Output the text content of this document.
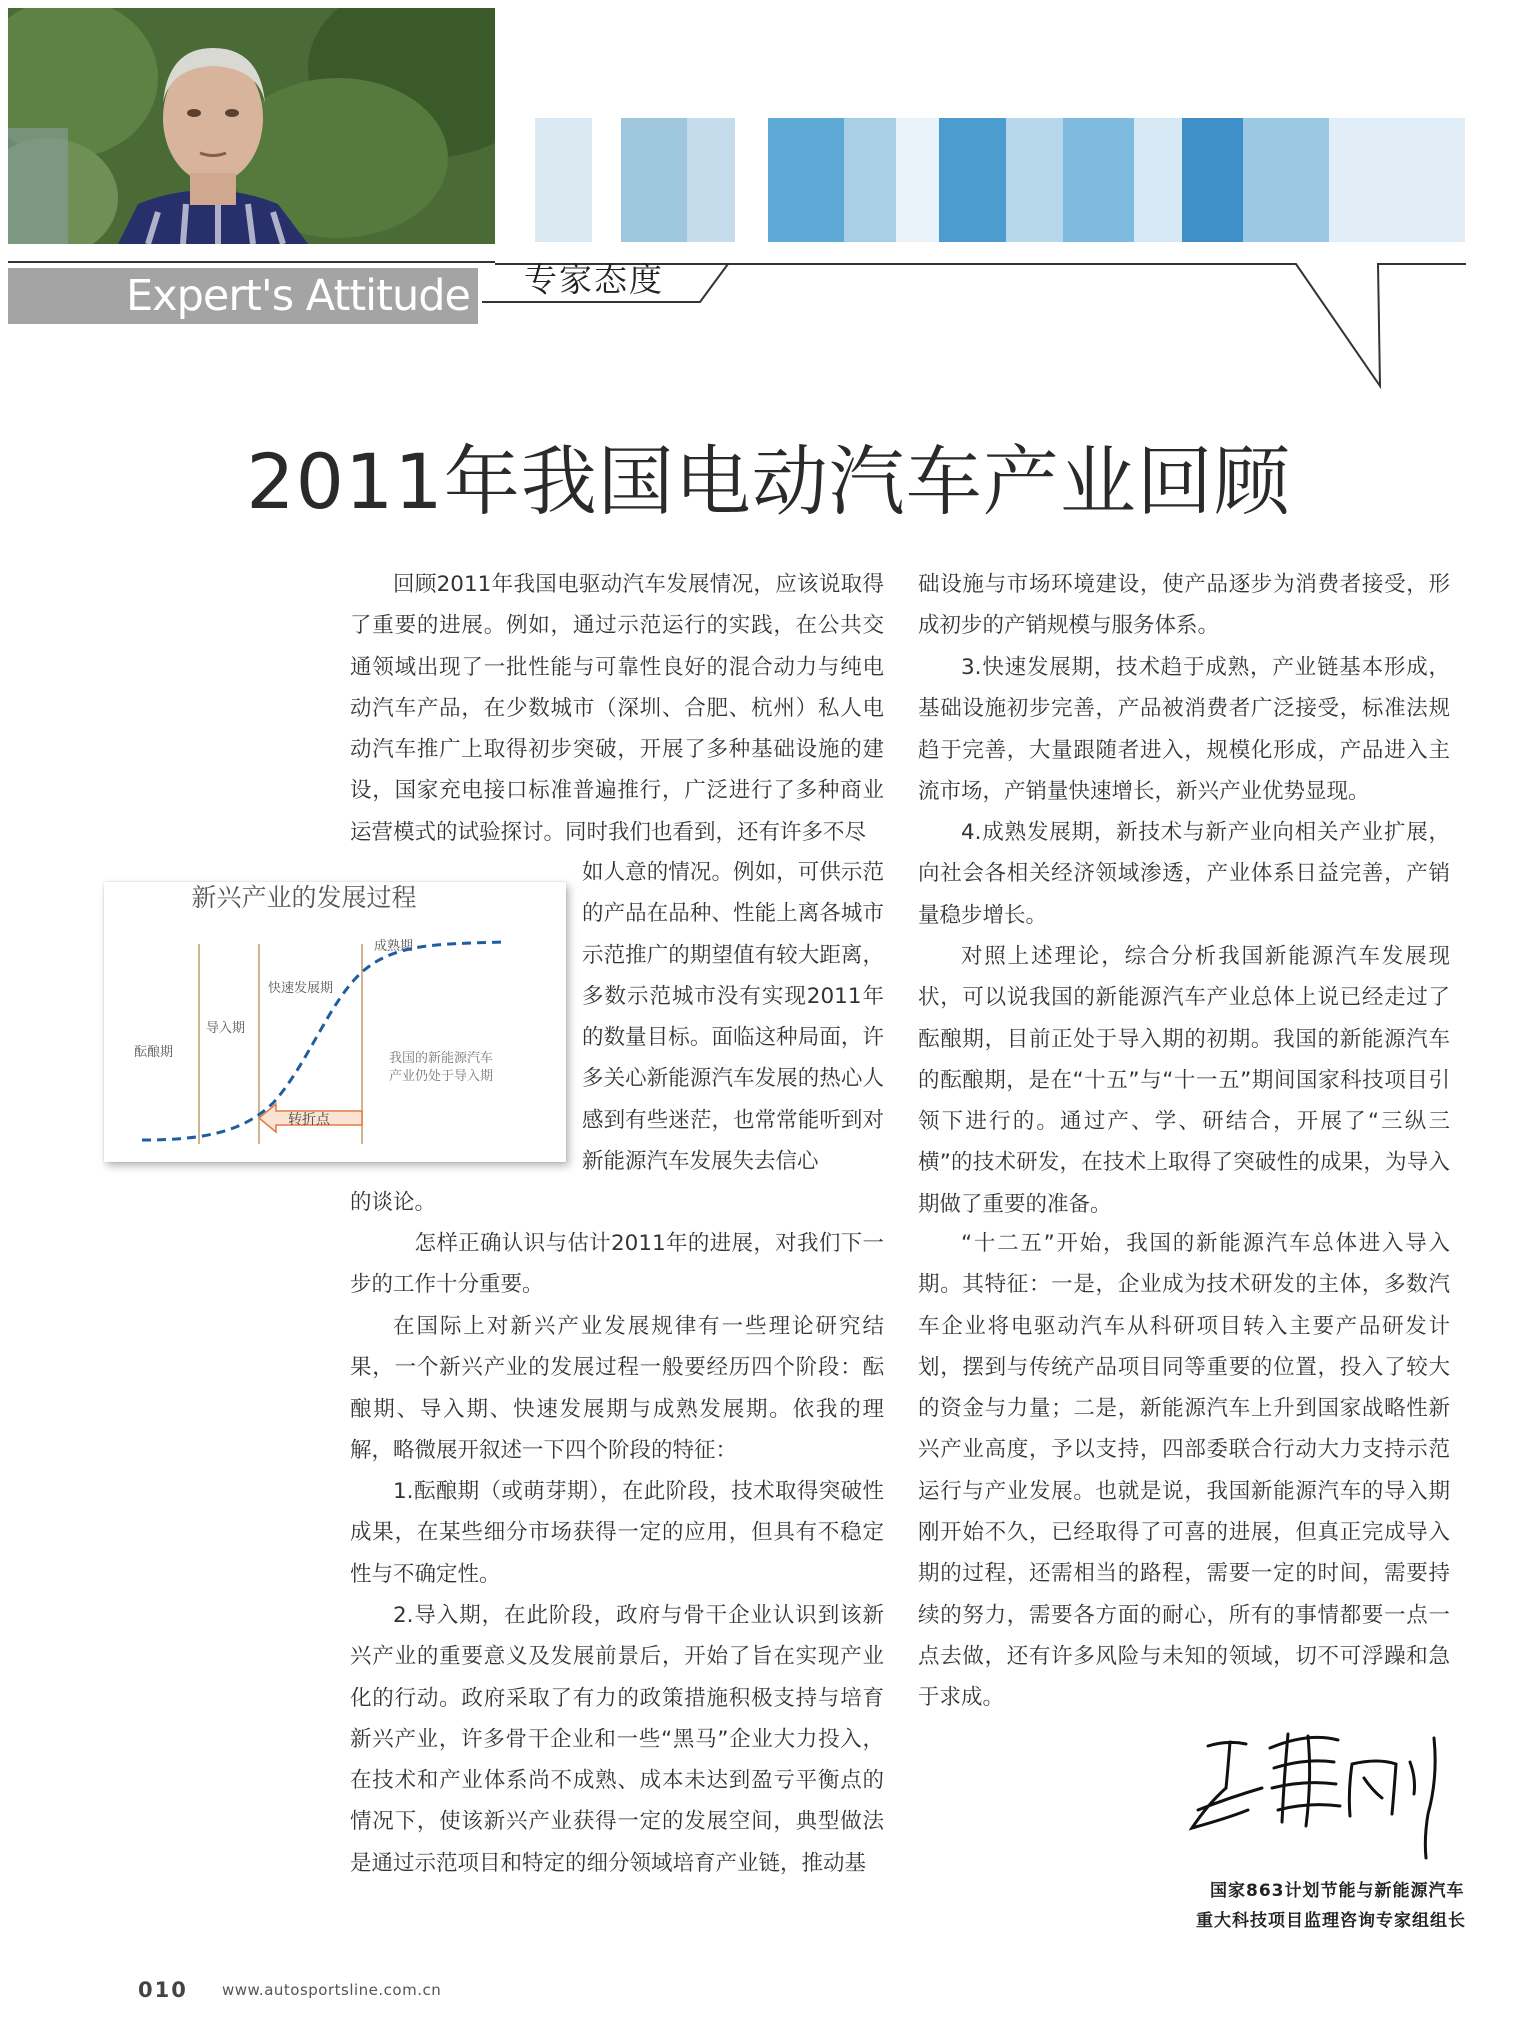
Expert's Attitude 专家态度
2011年我国电动汽车产业回顾

回顾2011年我国电驱动汽车发展情况，应该说取得了重要的进展。例如，通过示范运行的实践，在公共交通领域出现了一批性能与可靠性良好的混合动力与纯电动汽车产品，在少数城市（深圳、合肥、杭州）私人电动汽车推广上取得初步突破，开展了多种基础设施的建设，国家充电接口标准普遍推行，广泛进行了多种商业运营模式的试验探讨。同时我们也看到，还有许多不尽

如人意的情况。例如，可供示范的产品在品种、性能上离各城市示范推广的期望值有较大距离，多数示范城市没有实现2011年的数量目标。面临这种局面，许多关心新能源汽车发展的热心人感到有些迷茫，也常常能听到对新能源汽车发展失去信心

的谈论。

怎样正确认识与估计2011年的进展，对我们下一步的工作十分重要。

在国际上对新兴产业发展规律有一些理论研究结果，一个新兴产业的发展过程一般要经历四个阶段：酝酿期、导入期、快速发展期与成熟发展期。依我的理解，略微展开叙述一下四个阶段的特征：

1.酝酿期（或萌芽期），在此阶段，技术取得突破性成果，在某些细分市场获得一定的应用，但具有不稳定性与不确定性。

2.导入期，在此阶段，政府与骨干企业认识到该新兴产业的重要意义及发展前景后，开始了旨在实现产业化的行动。政府采取了有力的政策措施积极支持与培育新兴产业，许多骨干企业和一些“黑马”企业大力投入，在技术和产业体系尚不成熟、成本未达到盈亏平衡点的情况下，使该新兴产业获得一定的发展空间，典型做法是通过示范项目和特定的细分领域培育产业链，推动基

础设施与市场环境建设，使产品逐步为消费者接受，形成初步的产销规模与服务体系。

3.快速发展期，技术趋于成熟，产业链基本形成，基础设施初步完善，产品被消费者广泛接受，标准法规趋于完善，大量跟随者进入，规模化形成，产品进入主流市场，产销量快速增长，新兴产业优势显现。

4.成熟发展期，新技术与新产业向相关产业扩展，向社会各相关经济领域渗透，产业体系日益完善，产销量稳步增长。

对照上述理论，综合分析我国新能源汽车发展现状，可以说我国的新能源汽车产业总体上说已经走过了酝酿期，目前正处于导入期的初期。我国的新能源汽车的酝酿期，是在“十五”与“十一五”期间国家科技项目引领下进行的。通过产、学、研结合，开展了“三纵三横”的技术研发，在技术上取得了突破性的成果，为导入期做了重要的准备。

“十二五”开始，我国的新能源汽车总体进入导入期。其特征：一是，企业成为技术研发的主体，多数汽车企业将电驱动汽车从科研项目转入主要产品研发计划，摆到与传统产品项目同等重要的位置，投入了较大的资金与力量；二是，新能源汽车上升到国家战略性新兴产业高度，予以支持，四部委联合行动大力支持示范运行与产业发展。也就是说，我国新能源汽车的导入期刚开始不久，已经取得了可喜的进展，但真正完成导入期的过程，还需相当的路程，需要一定的时间，需要持续的努力，需要各方面的耐心，所有的事情都要一点一点去做，还有许多风险与未知的领域，切不可浮躁和急于求成。

新兴产业的发展过程
酝酿期
导入期
快速发展期
成熟期
我国的新能源汽车
产业仍处于导入期
转折点
国家863计划节能与新能源汽车
重大科技项目监理咨询专家组组长
010 www.autosportsline.com.cn
